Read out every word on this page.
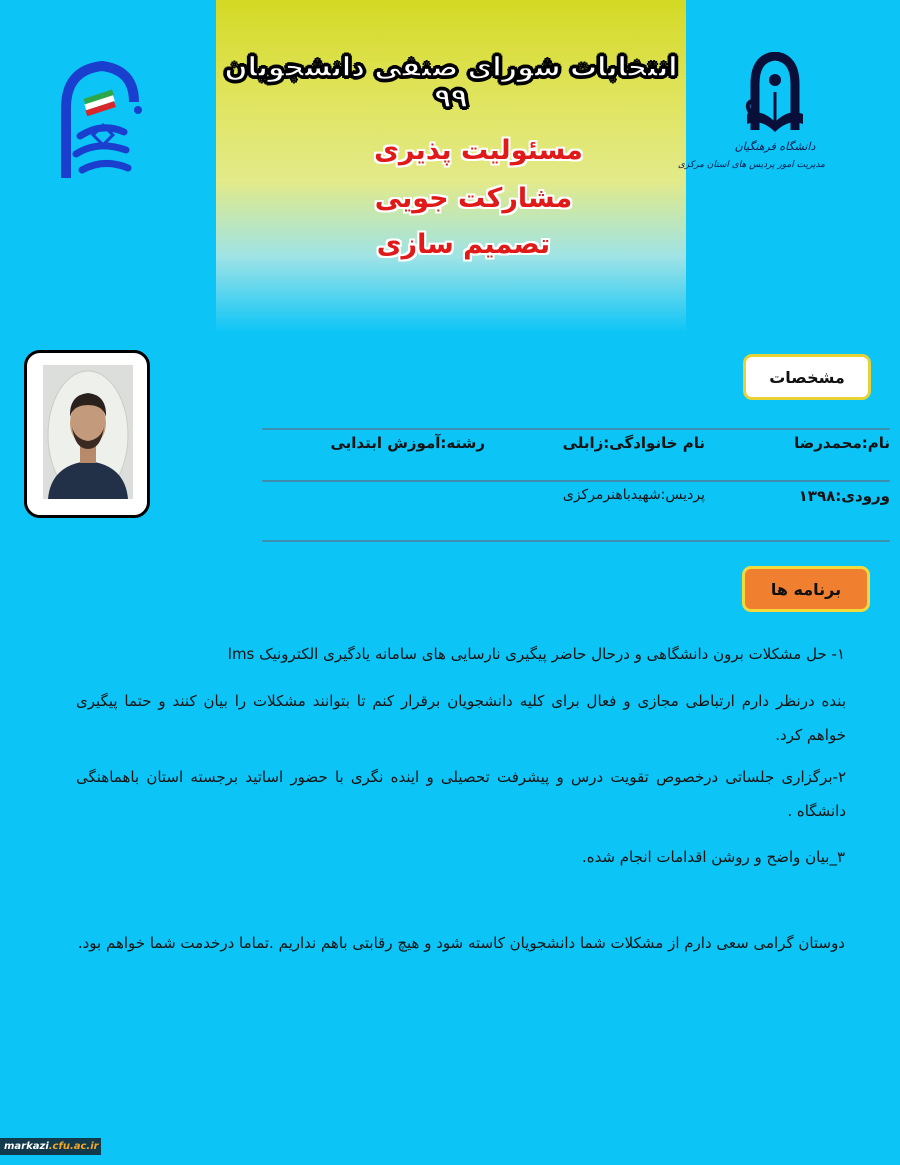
انتخابات شورای صنفی دانشجویان ۹۹
مسئولیت پذیری
مشارکت جویی
تصمیم سازی
دانشگاه فرهنگیان
مدیریت امور پردیس های استان مرکزی
مشخصات
نام:محمدرضا
نام خانوادگی:زابلی
رشته:آموزش ابتدایی
ورودی:۱۳۹۸
پردیس:شهیدباهنرمرکزی
برنامه ها
۱- حل مشکلات برون دانشگاهی و درحال حاضر پیگیری نارسایی های سامانه یادگیری الکترونیک lms
بنده درنظر دارم ارتباطی مجازی و فعال برای کلیه دانشجویان برقرار کنم تا بتوانند مشکلات را بیان کنند و حتما پیگیری خواهم کرد.
۲-برگزاری جلساتی درخصوص تقویت درس و پیشرفت تحصیلی و اینده نگری با حضور اساتید برجسته استان باهماهنگی دانشگاه .
۳_بیان واضح و روشن اقدامات انجام شده.
دوستان گرامی سعی دارم از مشکلات شما دانشجویان کاسته شود و هیچ رقابتی باهم نداریم .تماما درخدمت شما خواهم بود.
markazi .cfu.ac.ir
